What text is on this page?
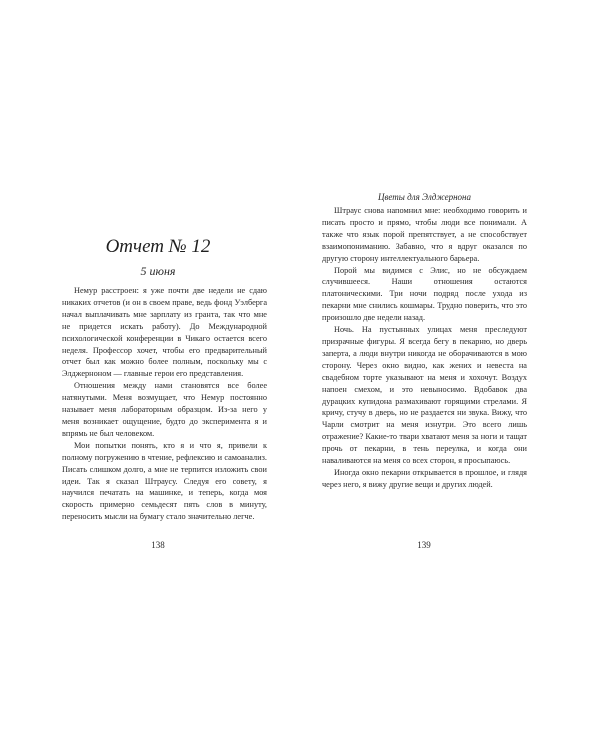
Отчет № 12
5 июня

Немур расстроен: я уже почти две недели не сдаю никаких отчетов (и он в своем праве, ведь фонд Уэлберга начал выплачивать мне зарплату из гранта, так что мне не придется искать работу). До Международной психологической конференции в Чикаго остается всего неделя. Профессор хочет, чтобы его предварительный отчет был как можно более полным, поскольку мы с Элджерноном — главные герои его представления.

Отношения между нами становятся все более натянутыми. Меня возмущает, что Немур постоянно называет меня лабораторным образцом. Из-за него у меня возникает ощущение, будто до эксперимента я и впрямь не был человеком.

Мои попытки понять, кто я и что я, привели к полному погружению в чтение, рефлексию и самоанализ. Писать слишком долго, а мне не терпится изложить свои идеи. Так я сказал Штраусу. Следуя его совету, я научился печатать на машинке, и теперь, когда моя скорость примерно семьдесят пять слов в минуту, переносить мысли на бумагу стало значительно легче.

138
Цветы для Элджернона

Штраус снова напомнил мне: необходимо говорить и писать просто и прямо, чтобы люди все понимали. А также что язык порой препятствует, а не способствует взаимопониманию. Забавно, что я вдруг оказался по другую сторону интеллектуального барьера.

Порой мы видимся с Элис, но не обсуждаем случившееся. Наши отношения остаются платоническими. Три ночи подряд после ухода из пекарни мне снились кошмары. Трудно поверить, что это произошло две недели назад.

Ночь. На пустынных улицах меня преследуют призрачные фигуры. Я всегда бегу в пекарню, но дверь заперта, а люди внутри никогда не оборачиваются в мою сторону. Через окно видно, как жених и невеста на свадебном торте указывают на меня и хохочут. Воздух напоен смехом, и это невыносимо. Вдобавок два дурацких купидона размахивают горящими стрелами. Я кричу, стучу в дверь, но не раздается ни звука. Вижу, что Чарли смотрит на меня изнутри. Это всего лишь отражение? Какие-то твари хватают меня за ноги и тащат прочь от пекарни, в тень переулка, и когда они наваливаются на меня со всех сторон, я просыпаюсь.

Иногда окно пекарни открывается в прошлое, и глядя через него, я вижу другие вещи и других людей.

139
